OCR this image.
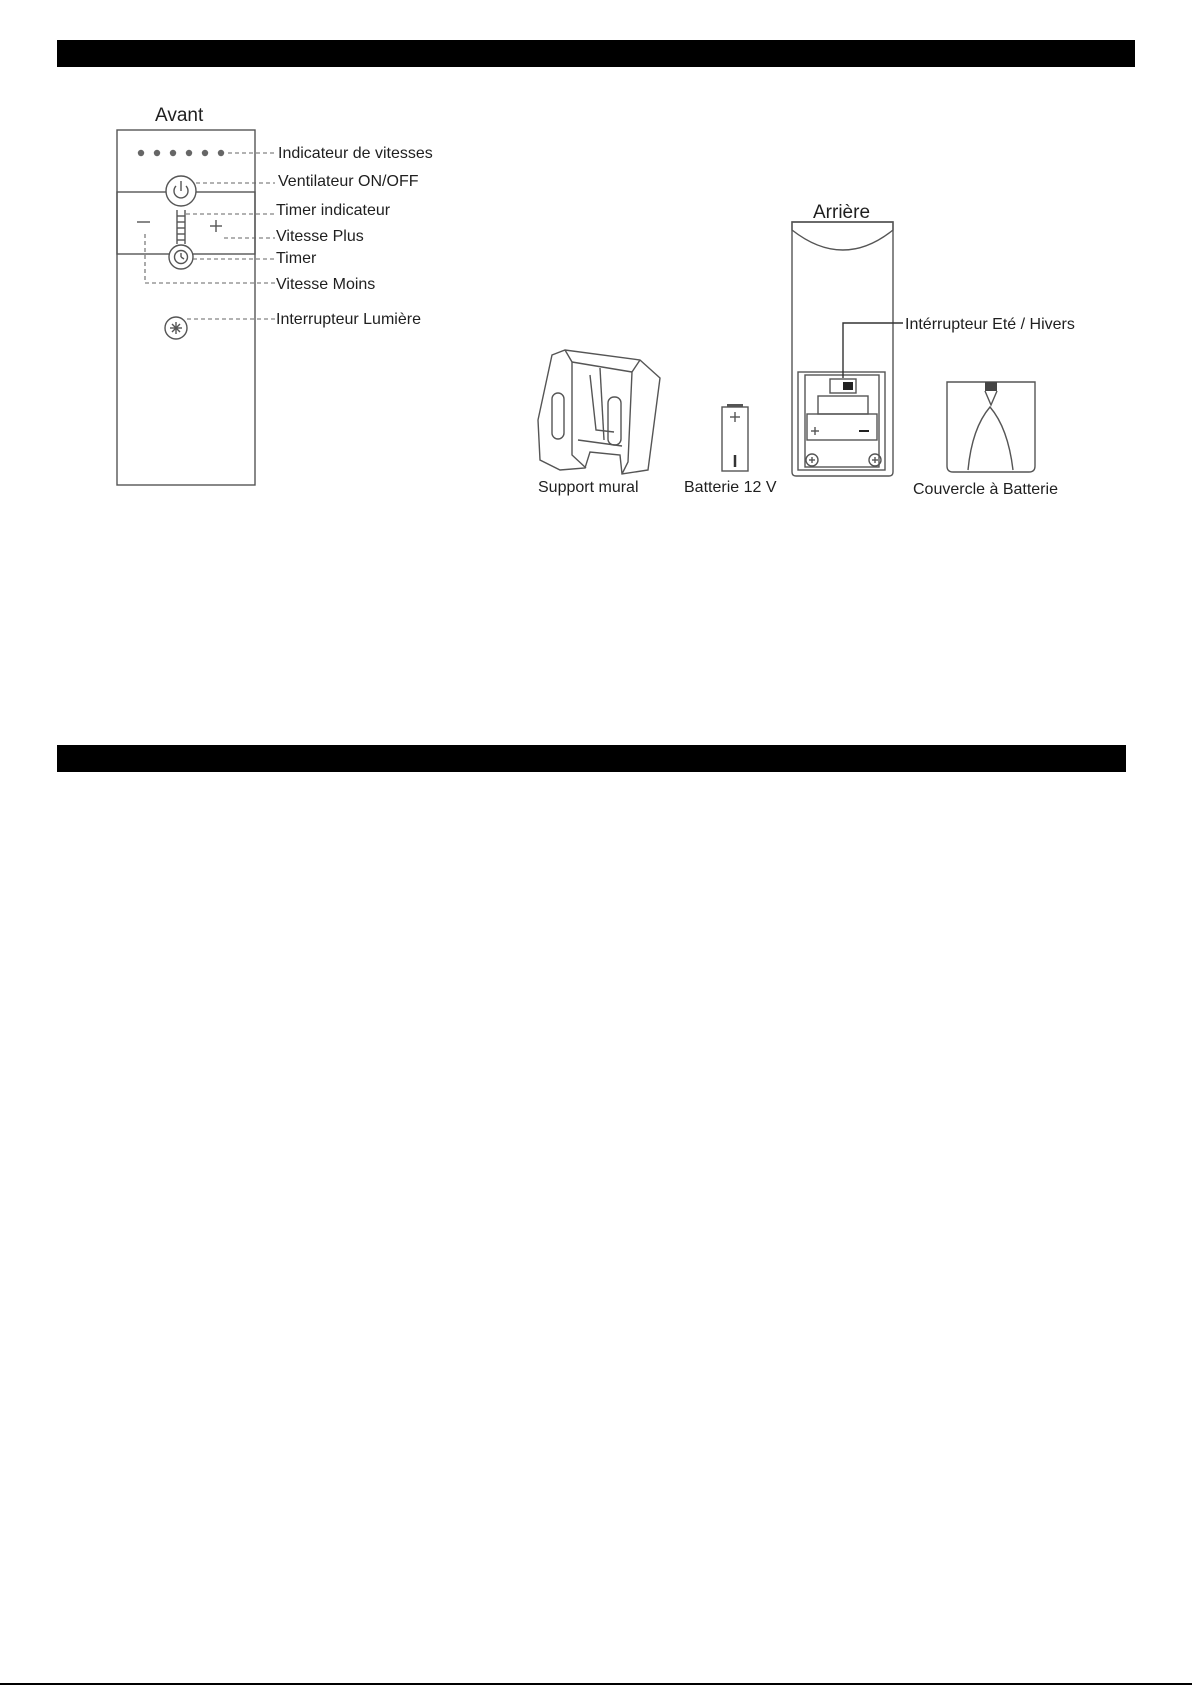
Avant
Indicateur de vitesses
Ventilateur ON/OFF
Timer indicateur
Vitesse Plus
Timer
Vitesse Moins
Interrupteur Lumière
Support mural	Batterie 12 V
Arrière
Intérrupteur Eté / Hivers
Couvercle à Batterie
